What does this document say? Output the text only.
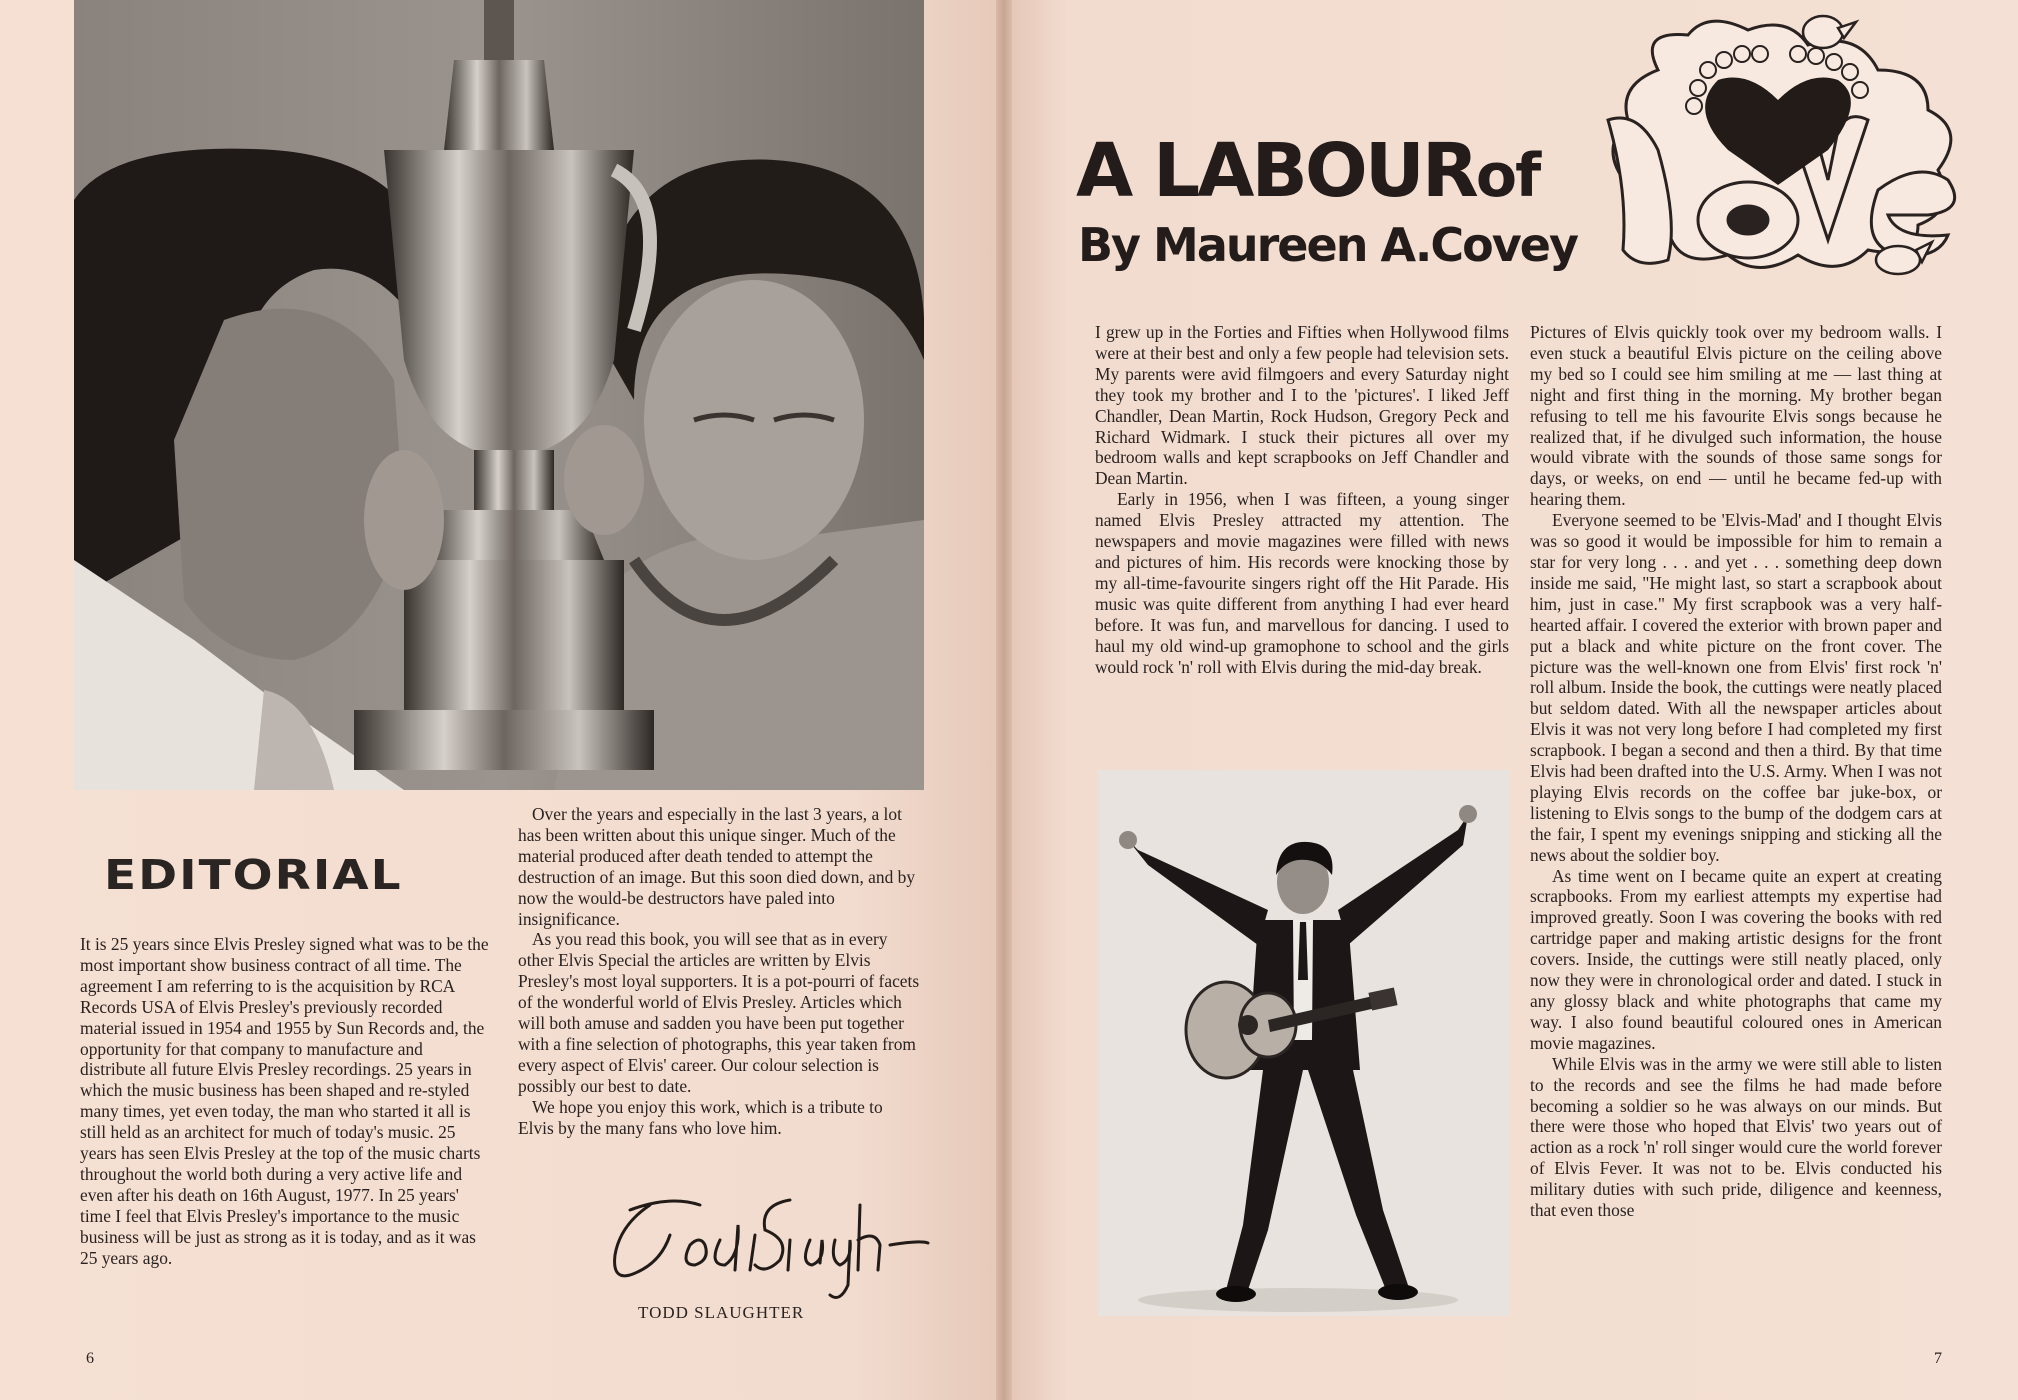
EDITORIAL

It is 25 years since Elvis Presley signed what was to be the most important show business contract of all time. The agreement I am referring to is the acquisition by RCA Records USA of Elvis Presley's previously recorded material issued in 1954 and 1955 by Sun Records and, the opportunity for that company to manufacture and distribute all future Elvis Presley recordings. 25 years in which the music business has been shaped and re-styled many times, yet even today, the man who started it all is still held as an architect for much of today's music. 25 years has seen Elvis Presley at the top of the music charts throughout the world both during a very active life and even after his death on 16th August, 1977. In 25 years' time I feel that Elvis Presley's importance to the music business will be just as strong as it is today, and as it was 25 years ago.

Over the years and especially in the last 3 years, a lot has been written about this unique singer. Much of the material produced after death tended to attempt the destruction of an image. But this soon died down, and by now the would-be destructors have paled into insignificance.

As you read this book, you will see that as in every other Elvis Special the articles are written by Elvis Presley's most loyal supporters. It is a pot-pourri of facets of the wonderful world of Elvis Presley. Articles which will both amuse and sadden you have been put together with a fine selection of photographs, this year taken from every aspect of Elvis' career. Our colour selection is possibly our best to date.

We hope you enjoy this work, which is a tribute to Elvis by the many fans who love him.

TODD SLAUGHTER
6
A LABOURof
By Maureen A.Covey

I grew up in the Forties and Fifties when Hollywood films were at their best and only a few people had television sets. My parents were avid filmgoers and every Saturday night they took my brother and I to the 'pictures'. I liked Jeff Chandler, Dean Martin, Rock Hudson, Gregory Peck and Richard Widmark. I stuck their pictures all over my bedroom walls and kept scrapbooks on Jeff Chandler and Dean Martin.

Early in 1956, when I was fifteen, a young singer named Elvis Presley attracted my attention. The newspapers and movie magazines were filled with news and pictures of him. His records were knocking those by my all-time-favourite singers right off the Hit Parade. His music was quite different from anything I had ever heard before. It was fun, and marvellous for dancing. I used to haul my old wind-up gramophone to school and the girls would rock 'n' roll with Elvis during the mid-day break.

Pictures of Elvis quickly took over my bedroom walls. I even stuck a beautiful Elvis picture on the ceiling above my bed so I could see him smiling at me — last thing at night and first thing in the morning. My brother began refusing to tell me his favourite Elvis songs because he realized that, if he divulged such information, the house would vibrate with the sounds of those same songs for days, or weeks, on end — until he became fed-up with hearing them.

Everyone seemed to be 'Elvis-Mad' and I thought Elvis was so good it would be impossible for him to remain a star for very long . . . and yet . . . something deep down inside me said, "He might last, so start a scrapbook about him, just in case." My first scrapbook was a very half-hearted affair. I covered the exterior with brown paper and put a black and white picture on the front cover. The picture was the well-known one from Elvis' first rock 'n' roll album. Inside the book, the cuttings were neatly placed but seldom dated. With all the newspaper articles about Elvis it was not very long before I had completed my first scrapbook. I began a second and then a third. By that time Elvis had been drafted into the U.S. Army. When I was not playing Elvis records on the coffee bar juke-box, or listening to Elvis songs to the bump of the dodgem cars at the fair, I spent my evenings snipping and sticking all the news about the soldier boy.

As time went on I became quite an expert at creating scrapbooks. From my earliest attempts my expertise had improved greatly. Soon I was covering the books with red cartridge paper and making artistic designs for the front covers. Inside, the cuttings were still neatly placed, only now they were in chronological order and dated. I stuck in any glossy black and white photographs that came my way. I also found beautiful coloured ones in American movie magazines.

While Elvis was in the army we were still able to listen to the records and see the films he had made before becoming a soldier so he was always on our minds. But there were those who hoped that Elvis' two years out of action as a rock 'n' roll singer would cure the world forever of Elvis Fever. It was not to be. Elvis conducted his military duties with such pride, diligence and keenness, that even those

7
